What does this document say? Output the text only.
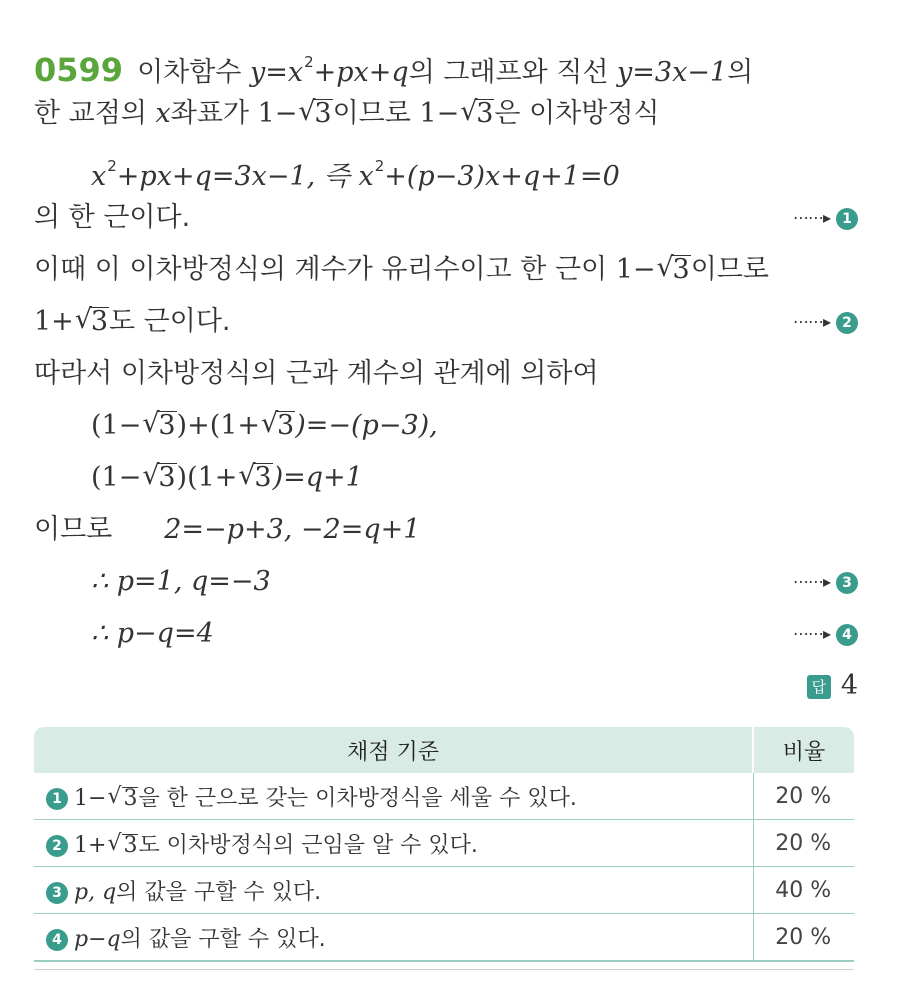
0599 이차함수 $y=x^2+px+q$의 그래프와 직선 y=3x−1의
한 교점의 x좌표가 1− √
3이므로 1− √
3은 이차방정식
$x^2+px+q=3x-1$, 즉 $x^2+(p-3)x+q+1=0$
의 한 근이다.	⋯⋯▸ 1
이때 이 이차방정식의 계수가 유리수이고 한 근이 1− √
3이므로
1+ √
3도 근이다.	⋯⋯▸ 2
따라서 이차방정식의 근과 계수의 관계에 의하여
(1− √
3)+(1+ √
3)=−(p−3),
(1− √
3)(1+ √
3)=q+1
이므로 2=−p+3, −2=q+1
∴ p=1, q=−3	⋯⋯▸ 3
∴ p−q=4	⋯⋯▸ 4
답 4
채점 기준	비율
1 1− √ 3을 한 근으로 갖는 이차방정식을 세울 수 있다.	20 %
2 1+ √ 3도 이차방정식의 근임을 알 수 있다.	20 %
3 p, q의 값을 구할 수 있다.	40 %
4 p−q의 값을 구할 수 있다.	20 %
